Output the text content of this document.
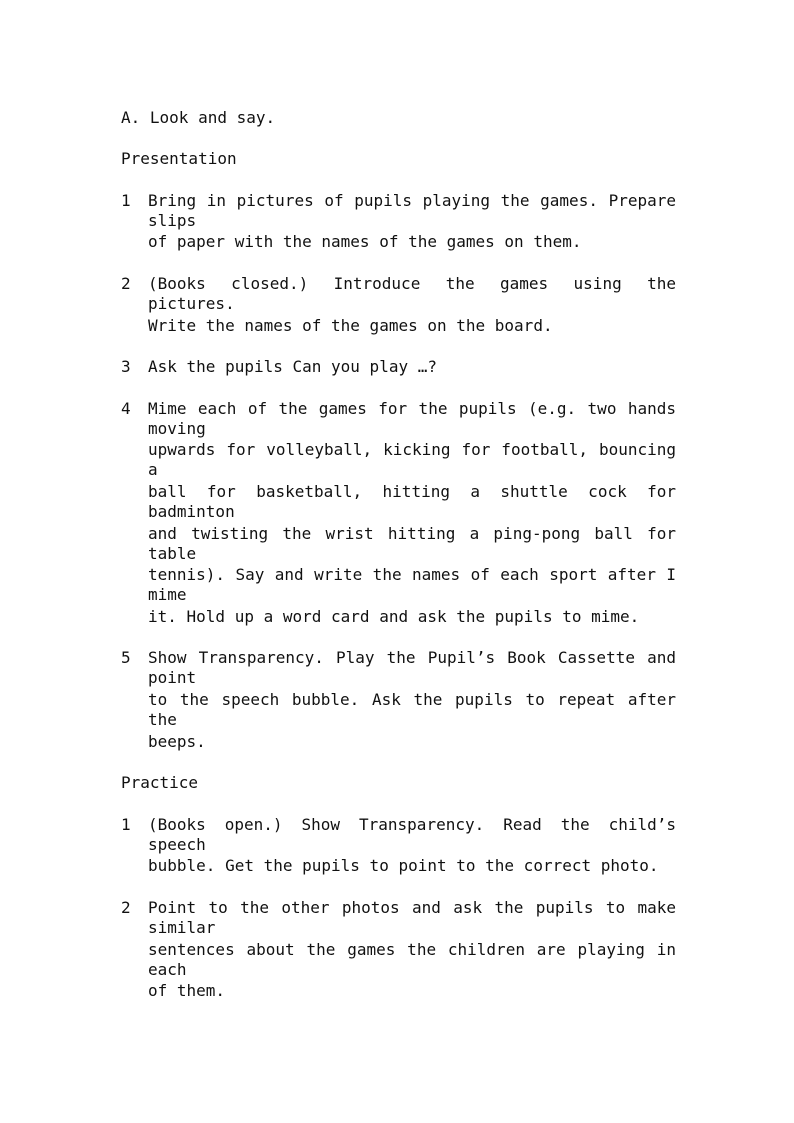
A. Look and say.
Presentation
1 Bring in pictures of pupils playing the games. Prepare slips
of paper with the names of the games on them.
2 (Books closed.) Introduce the games using the pictures.
Write the names of the games on the board.
3 Ask the pupils Can you play …?
4 Mime each of the games for the pupils (e.g. two hands moving
upwards for volleyball, kicking for football, bouncing a
ball for basketball, hitting a shuttle cock for badminton
and twisting the wrist hitting a ping-pong ball for table
tennis). Say and write the names of each sport after I mime
it. Hold up a word card and ask the pupils to mime.
5 Show Transparency. Play the Pupil’s Book Cassette and point
to the speech bubble. Ask the pupils to repeat after the
beeps.
Practice
1 (Books open.) Show Transparency. Read the child’s speech
bubble. Get the pupils to point to the correct photo.
2 Point to the other photos and ask the pupils to make similar
sentences about the games the children are playing in each
of them.
